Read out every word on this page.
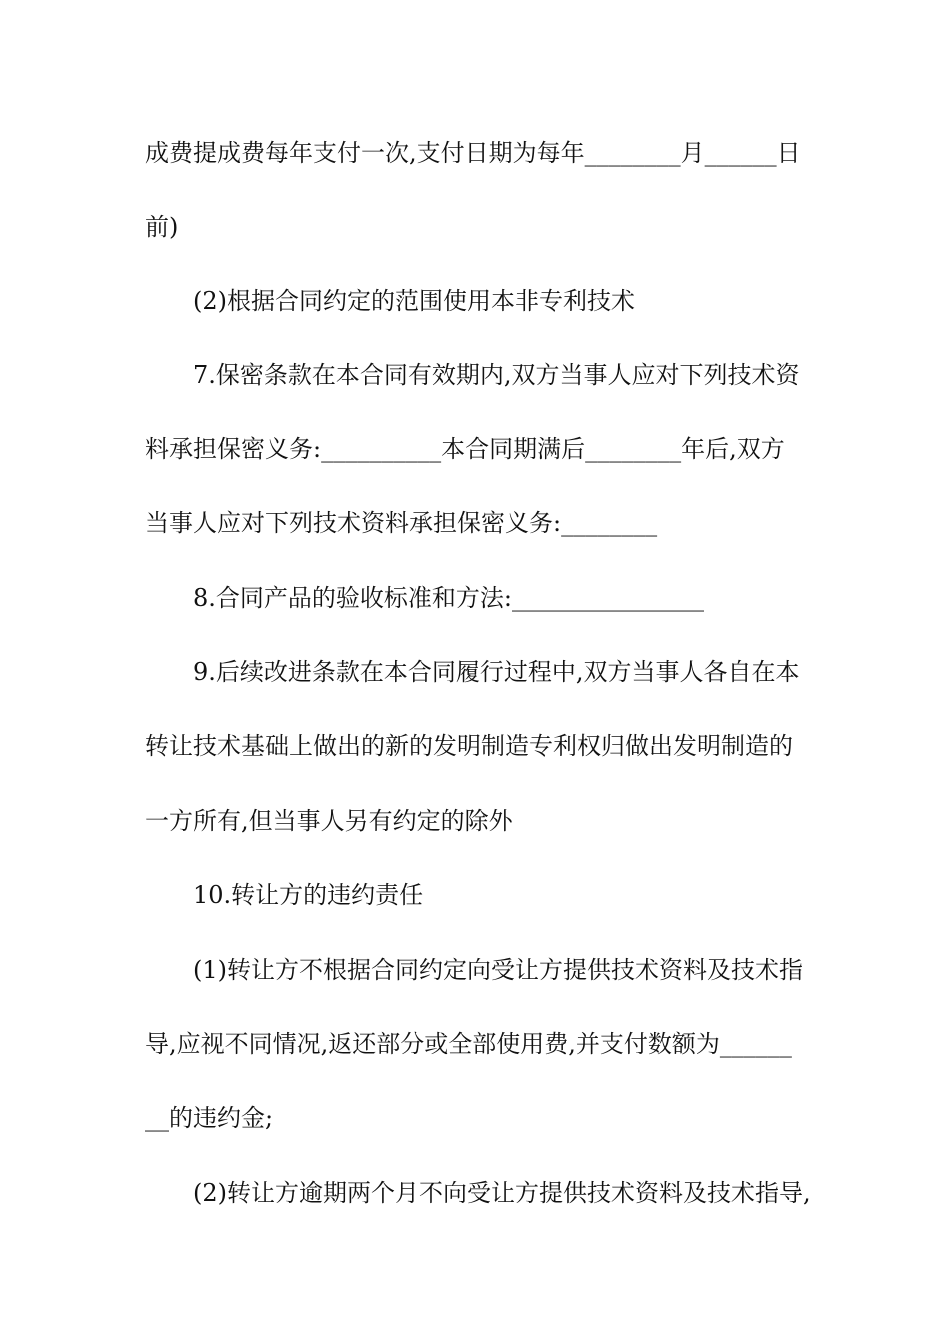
成费提成费每年支付一次,支付日期为每年________月______日
前)
(2)根据合同约定的范围使用本非专利技术
7.保密条款在本合同有效期内,双方当事人应对下列技术资
料承担保密义务:__________本合同期满后________年后,双方
当事人应对下列技术资料承担保密义务:________
8.合同产品的验收标准和方法:________________
9.后续改进条款在本合同履行过程中,双方当事人各自在本
转让技术基础上做出的新的发明制造专利权归做出发明制造的
一方所有,但当事人另有约定的除外
10.转让方的违约责任
(1)转让方不根据合同约定向受让方提供技术资料及技术指
导,应视不同情况,返还部分或全部使用费,并支付数额为______
__的违约金;
(2)转让方逾期两个月不向受让方提供技术资料及技术指导,
